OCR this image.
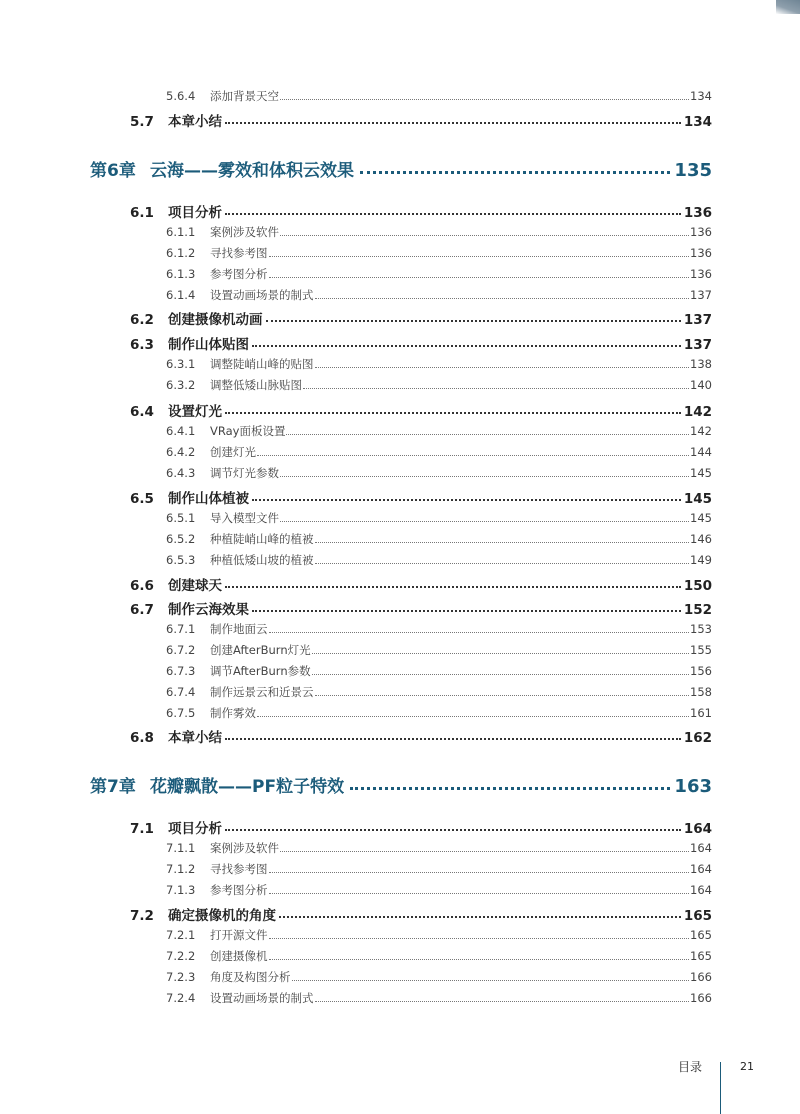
5.6.4	添加背景天空	134
5.7	本章小结	134
第6章 云海——雾效和体积云效果	135
6.1	项目分析	136
6.1.1	案例涉及软件	136
6.1.2	寻找参考图	136
6.1.3	参考图分析	136
6.1.4	设置动画场景的制式	137
6.2	创建摄像机动画	137
6.3	制作山体贴图	137
6.3.1	调整陡峭山峰的贴图	138
6.3.2	调整低矮山脉贴图	140
6.4	设置灯光	142
6.4.1	VRay面板设置	142
6.4.2	创建灯光	144
6.4.3	调节灯光参数	145
6.5	制作山体植被	145
6.5.1	导入模型文件	145
6.5.2	种植陡峭山峰的植被	146
6.5.3	种植低矮山坡的植被	149
6.6	创建球天	150
6.7	制作云海效果	152
6.7.1	制作地面云	153
6.7.2	创建AfterBurn灯光	155
6.7.3	调节AfterBurn参数	156
6.7.4	制作远景云和近景云	158
6.7.5	制作雾效	161
6.8	本章小结	162
第7章 花瓣飘散——PF粒子特效	163
7.1	项目分析	164
7.1.1	案例涉及软件	164
7.1.2	寻找参考图	164
7.1.3	参考图分析	164
7.2	确定摄像机的角度	165
7.2.1	打开源文件	165
7.2.2	创建摄像机	165
7.2.3	角度及构图分析	166
7.2.4	设置动画场景的制式	166
目录	21
